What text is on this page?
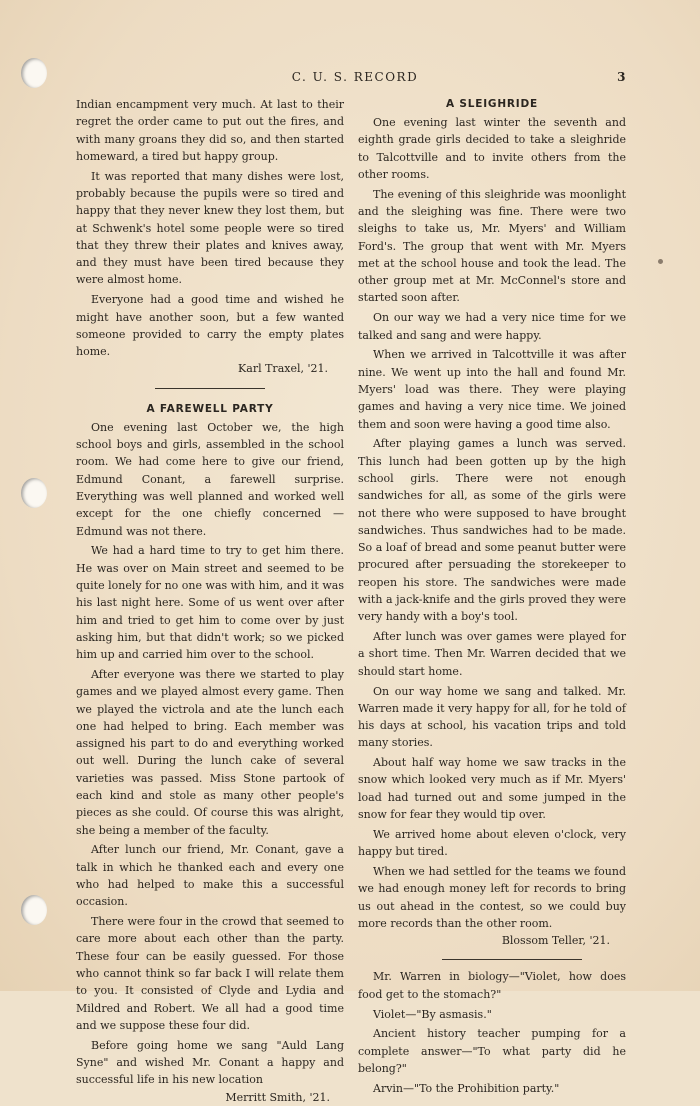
C. U. S. RECORD	3

Indian encampment very much. At last to their regret the order came to put out the fires, and with many groans they did so, and then started homeward, a tired but happy group.

It was reported that many dishes were lost, probably because the pupils were so tired and happy that they never knew they lost them, but at Schwenk's hotel some people were so tired that they threw their plates and knives away, and they must have been tired because they were almost home.

Everyone had a good time and wished he might have another soon, but a few wanted someone provided to carry the empty plates home.

Karl Traxel, '21.

A FAREWELL PARTY

One evening last October we, the high school boys and girls, assembled in the school room. We had come here to give our friend, Edmund Conant, a farewell surprise. Everything was well planned and worked well except for the one chiefly concerned — Edmund was not there.

We had a hard time to try to get him there. He was over on Main street and seemed to be quite lonely for no one was with him, and it was his last night here. Some of us went over after him and tried to get him to come over by just asking him, but that didn't work; so we picked him up and carried him over to the school.

After everyone was there we started to play games and we played almost every game. Then we played the victrola and ate the lunch each one had helped to bring. Each member was assigned his part to do and everything worked out well. During the lunch cake of several varieties was passed. Miss Stone partook of each kind and stole as many other people's pieces as she could. Of course this was alright, she being a member of the faculty.

After lunch our friend, Mr. Conant, gave a talk in which he thanked each and every one who had helped to make this a successful occasion.

There were four in the crowd that seemed to care more about each other than the party. These four can be easily guessed. For those who cannot think so far back I will relate them to you. It consisted of Clyde and Lydia and Mildred and Robert. We all had a good time and we suppose these four did.

Before going home we sang "Auld Lang Syne" and wished Mr. Conant a happy and successful life in his new location
Merritt Smith, '21.

A SLEIGHRIDE

One evening last winter the seventh and eighth grade girls decided to take a sleighride to Talcottville and to invite others from the other rooms.

The evening of this sleighride was moonlight and the sleighing was fine. There were two sleighs to take us, Mr. Myers' and William Ford's. The group that went with Mr. Myers met at the school house and took the lead. The other group met at Mr. McConnel's store and started soon after.

On our way we had a very nice time for we talked and sang and were happy.

When we arrived in Talcottville it was after nine. We went up into the hall and found Mr. Myers' load was there. They were playing games and having a very nice time. We joined them and soon were having a good time also.

After playing games a lunch was served. This lunch had been gotten up by the high school girls. There were not enough sandwiches for all, as some of the girls were not there who were supposed to have brought sandwiches. Thus sandwiches had to be made. So a loaf of bread and some peanut butter were procured after persuading the storekeeper to reopen his store. The sandwiches were made with a jack-knife and the girls proved they were very handy with a boy's tool.

After lunch was over games were played for a short time. Then Mr. Warren decided that we should start home.

On our way home we sang and talked. Mr. Warren made it very happy for all, for he told of his days at school, his vacation trips and told many stories.

About half way home we saw tracks in the snow which looked very much as if Mr. Myers' load had turned out and some jumped in the snow for fear they would tip over.

We arrived home about eleven o'clock, very happy but tired.

When we had settled for the teams we found we had enough money left for records to bring us out ahead in the contest, so we could buy more records than the other room.

Blossom Teller, '21.

Mr. Warren in biology—"Violet, how does food get to the stomach?"

Violet—"By asmasis."

Ancient history teacher pumping for a complete answer—"To what party did he belong?"

Arvin—"To the Prohibition party."
